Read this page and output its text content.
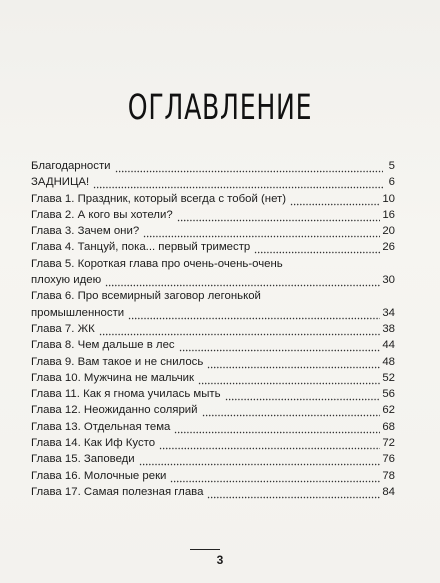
ОГЛАВЛЕНИЕ
Благодарности	5
ЗАДНИЦА!	6
Глава 1. Праздник, который всегда с тобой (нет)	10
Глава 2. А кого вы хотели?	16
Глава 3. Зачем они?	20
Глава 4. Танцуй, пока... первый триместр	26
Глава 5. Короткая глава про очень-очень-очень
плохую идею	30
Глава 6. Про всемирный заговор легонькой
промышленности	34
Глава 7. ЖК	38
Глава 8. Чем дальше в лес	44
Глава 9. Вам такое и не снилось	48
Глава 10. Мужчина не мальчик	52
Глава 11. Как я гнома училась мыть	56
Глава 12. Неожиданно солярий	62
Глава 13. Отдельная тема	68
Глава 14. Как Иф Кусто	72
Глава 15. Заповеди	76
Глава 16. Молочные реки	78
Глава 17. Самая полезная глава	84
3
